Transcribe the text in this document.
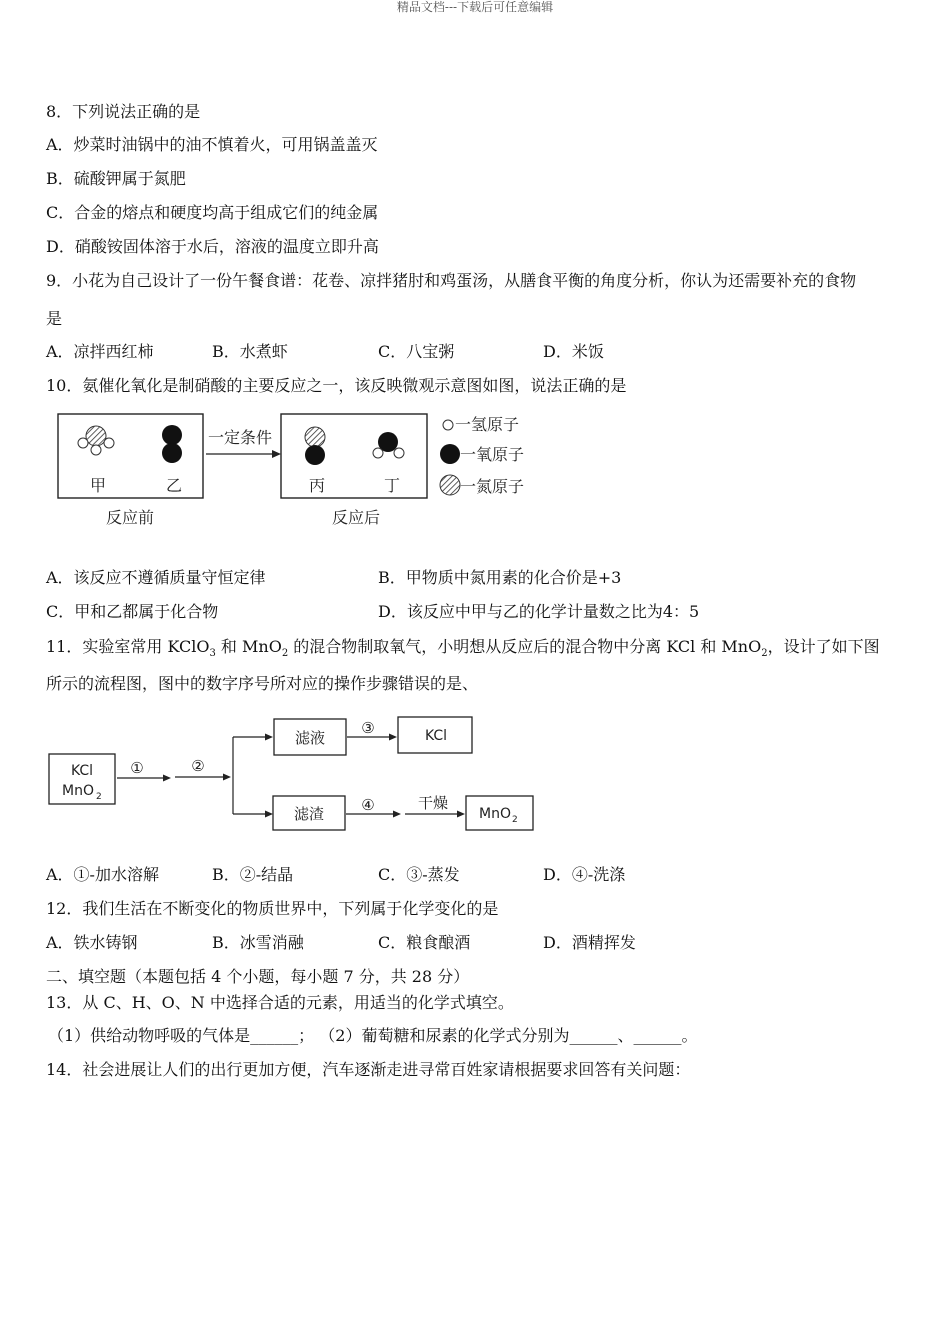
精品文档---下载后可任意编辑
8．下列说法正确的是
A．炒菜时油锅中的油不慎着火，可用锅盖盖灭
B．硫酸钾属于氮肥
C．合金的熔点和硬度均高于组成它们的纯金属
D．硝酸铵固体溶于水后，溶液的温度立即升高
9．小花为自己设计了一份午餐食谱：花卷、凉拌猪肘和鸡蛋汤，从膳食平衡的角度分析，你认为还需要补充的食物
是
A．凉拌西红柿	B．水煮虾	C．八宝粥	D．米饭
10．氨催化氧化是制硝酸的主要反应之一，该反映微观示意图如图，说法正确的是
甲	乙
反应前
一定条件
丙	丁
反应后
一氢原子
一氧原子
一氮原子
A．该反应不遵循质量守恒定律	B．甲物质中氮用素的化合价是+3
C．甲和乙都属于化合物	D．该反应中甲与乙的化学计量数之比为4：5
11．实验室常用 KClO$_3$ 和 MnO$_2$ 的混合物制取氧气，小明想从反应后的混合物中分离 KCl 和 MnO$_2$，设计了如下图
所示的流程图，图中的数字序号所对应的操作步骤错误的是、
KCl
MnO 2
①	②
滤液
③	KCl
滤渣 ④	干燥
MnO 2
A．①-加水溶解	B．②-结晶	C．③-蒸发	D．④-洗涤
12．我们生活在不断变化的物质世界中，下列属于化学变化的是
A．铁水铸钢	B．冰雪消融	C．粮食酿酒	D．酒精挥发
二、填空题（本题包括 4 个小题，每小题 7 分，共 28 分）
13．从 C、H、O、N 中选择合适的元素，用适当的化学式填空。
（1）供给动物呼吸的气体是______； （2）葡萄糖和尿素的化学式分别为______、______。
14．社会进展让人们的出行更加方便，汽车逐渐走进寻常百姓家请根据要求回答有关问题：
